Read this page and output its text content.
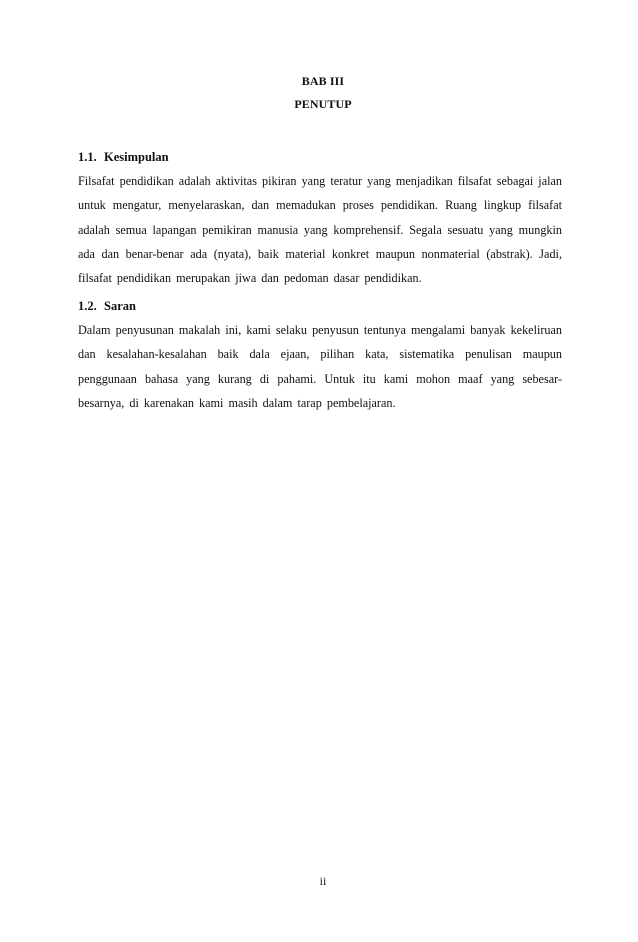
BAB III
PENUTUP
1.1. Kesimpulan

Filsafat pendidikan adalah aktivitas pikiran yang teratur yang menjadikan filsafat sebagai jalan untuk mengatur, menyelaraskan, dan memadukan proses pendidikan. Ruang lingkup filsafat adalah semua lapangan pemikiran manusia yang komprehensif. Segala sesuatu yang mungkin ada dan benar-benar ada (nyata), baik material konkret maupun nonmaterial (abstrak). Jadi, filsafat pendidikan merupakan jiwa dan pedoman dasar pendidikan.

1.2. Saran

Dalam penyusunan makalah ini, kami selaku penyusun tentunya mengalami banyak kekeliruan dan kesalahan-kesalahan baik dala ejaan, pilihan kata, sistematika penulisan maupun penggunaan bahasa yang kurang di pahami. Untuk itu kami mohon maaf yang sebesar-besarnya, di karenakan kami masih dalam tarap pembelajaran.

ii
